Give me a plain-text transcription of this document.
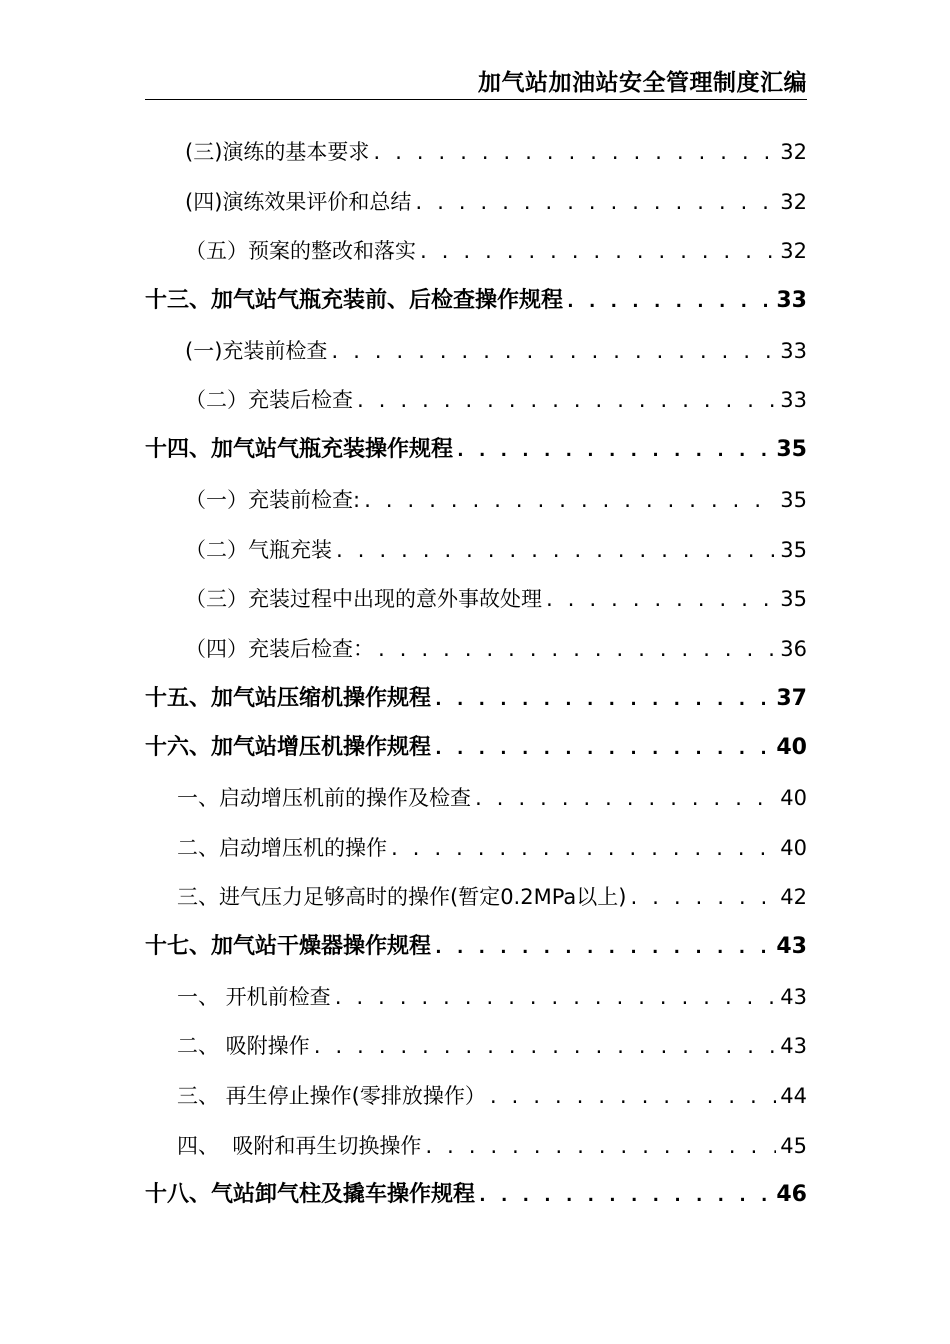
加气站加油站安全管理制度汇编
(三)演练的基本要求 . . .	32
(四)演练效果评价和总结 . . .	32
（五）预案的整改和落实 . . .	32
十三、加气站气瓶充装前、后检查操作规程 . . .	33
(一)充装前检查 . . .	33
（二）充装后检查 . . .	33
十四、加气站气瓶充装操作规程 . . .	35
（一）充装前检查: . . .	35
（二）气瓶充装 . . .	35
（三）充装过程中出现的意外事故处理 . . .	35
（四）充装后检查： . . .	36
十五、加气站压缩机操作规程 . . .	37
十六、加气站增压机操作规程 . . .	40
一、启动增压机前的操作及检查 . . .	40
二、启动增压机的操作 . . .	40
三、进气压力足够高时的操作(暂定0.2MPa以上) . . .	42
十七、加气站干燥器操作规程 . . .	43
一、 开机前检查 . . .	43
二、 吸附操作 . . .	43
三、 再生停止操作(零排放操作） . . .	44
四、  吸附和再生切换操作 . . .	45
十八、气站卸气柱及撬车操作规程 . . .	46
